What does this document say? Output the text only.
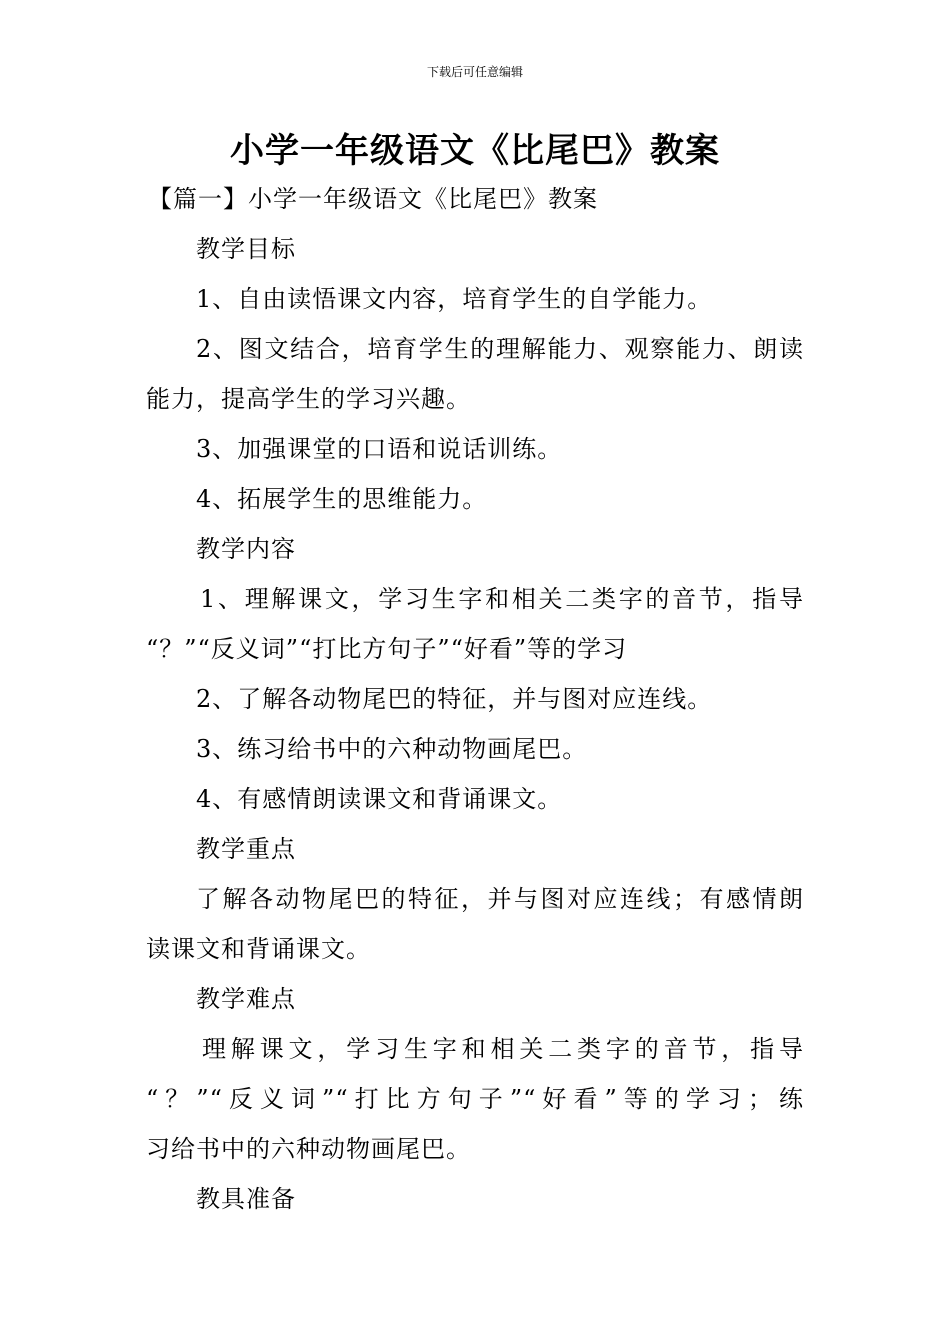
下载后可任意编辑
小学一年级语文《比尾巴》教案
【篇一】小学一年级语文《比尾巴》教案
教学目标
1、自由读悟课文内容，培育学生的自学能力。
2、图文结合，培育学生的理解能力、观察能力、朗读
能力，提高学生的学习兴趣。
3、加强课堂的口语和说话训练。
4、拓展学生的思维能力。
教学内容
1、理解课文，学习生字和相关二类字的音节，指导
“？”“反义词”“打比方句子”“好看”等的学习
2、了解各动物尾巴的特征，并与图对应连线。
3、练习给书中的六种动物画尾巴。
4、有感情朗读课文和背诵课文。
教学重点
了解各动物尾巴的特征，并与图对应连线；有感情朗
读课文和背诵课文。
教学难点
理解课文，学习生字和相关二类字的音节，指导
“？”“反义词”“打比方句子”“好看”等的学习；练
习给书中的六种动物画尾巴。
教具准备
